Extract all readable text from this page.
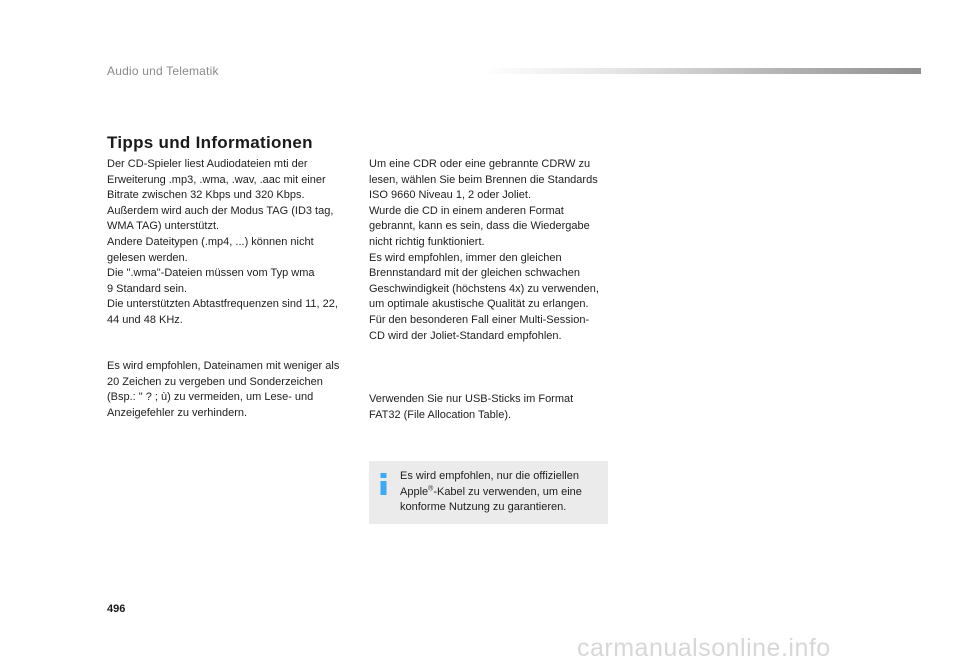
Audio und Telematik
Tipps und Informationen

Der CD-Spieler liest Audiodateien mti der

Erweiterung .mp3, .wma, .wav, .aac mit einer

Bitrate zwischen 32 Kbps und 320 Kbps.

Außerdem wird auch der Modus TAG (ID3 tag,

WMA TAG) unterstützt.

Andere Dateitypen (.mp4, ...) können nicht

gelesen werden.

Die ".wma"-Dateien müssen vom Typ wma

9 Standard sein.

Die unterstützten Abtastfrequenzen sind 11, 22,

44 und 48 KHz.

Es wird empfohlen, Dateinamen mit weniger als

20 Zeichen zu vergeben und Sonderzeichen

(Bsp.: " ? ; ù) zu vermeiden, um Lese- und

Anzeigefehler zu verhindern.

Um eine CDR oder eine gebrannte CDRW zu

lesen, wählen Sie beim Brennen die Standards

ISO 9660 Niveau 1, 2 oder Joliet.

Wurde die CD in einem anderen Format

gebrannt, kann es sein, dass die Wiedergabe

nicht richtig funktioniert.

Es wird empfohlen, immer den gleichen

Brennstandard mit der gleichen schwachen

Geschwindigkeit (höchstens 4x) zu verwenden,

um optimale akustische Qualität zu erlangen.

Für den besonderen Fall einer Multi-Session-

CD wird der Joliet-Standard empfohlen.

Verwenden Sie nur USB-Sticks im Format

FAT32 (File Allocation Table).

Es wird empfohlen, nur die offiziellen

Apple®-Kabel zu verwenden, um eine

konforme Nutzung zu garantieren.

496
carmanualsonline.info
